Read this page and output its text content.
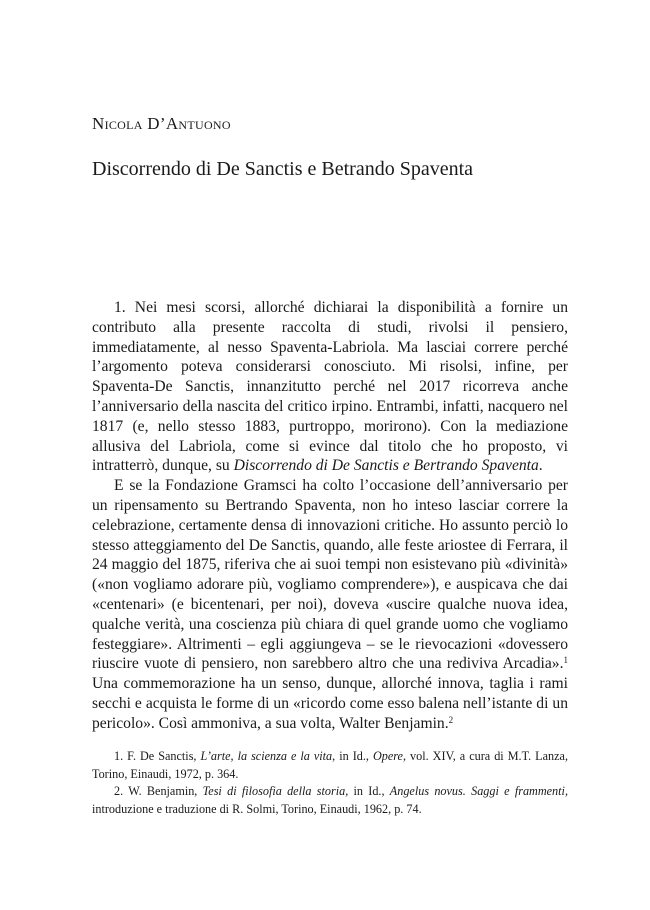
Nicola D’Antuono
Discorrendo di De Sanctis e Betrando Spaventa

1. Nei mesi scorsi, allorché dichiarai la disponibilità a fornire un contributo alla presente raccolta di studi, rivolsi il pensiero, immediatamente, al nesso Spaventa-Labriola. Ma lasciai correre perché l’argomento poteva considerarsi conosciuto. Mi risolsi, infine, per Spaventa-De Sanctis, innanzitutto perché nel 2017 ricorreva anche l’anniversario della nascita del critico irpino. Entrambi, infatti, nacquero nel 1817 (e, nello stesso 1883, purtroppo, morirono). Con la mediazione allusiva del Labriola, come si evince dal titolo che ho proposto, vi intratterrò, dunque, su Discorrendo di De Sanctis e Bertrando Spaventa.

E se la Fondazione Gramsci ha colto l’occasione dell’anniversario per un ripensamento su Bertrando Spaventa, non ho inteso lasciar correre la celebrazione, certamente densa di innovazioni critiche. Ho assunto perciò lo stesso atteggiamento del De Sanctis, quando, alle feste ariostee di Ferrara, il 24 maggio del 1875, riferiva che ai suoi tempi non esistevano più «divinità» («non vogliamo adorare più, vogliamo comprendere»), e auspicava che dai «centenari» (e bicentenari, per noi), doveva «uscire qualche nuova idea, qualche verità, una coscienza più chiara di quel grande uomo che vogliamo festeggiare». Altrimenti – egli aggiungeva – se le rievocazioni «dovessero riuscire vuote di pensiero, non sarebbero altro che una rediviva Arcadia».$^1$ Una commemorazione ha un senso, dunque, allorché innova, taglia i rami secchi e acquista le forme di un «ricordo come esso balena nell’istante di un pericolo». Così ammoniva, a sua volta, Walter Benjamin.$^2$

1. F. De Sanctis, L’arte, la scienza e la vita, in Id., Opere, vol. XIV, a cura di M.T. Lanza, Torino, Einaudi, 1972, p. 364.

2. W. Benjamin, Tesi di filosofia della storia, in Id., Angelus novus. Saggi e frammenti, introduzione e traduzione di R. Solmi, Torino, Einaudi, 1962, p. 74.
